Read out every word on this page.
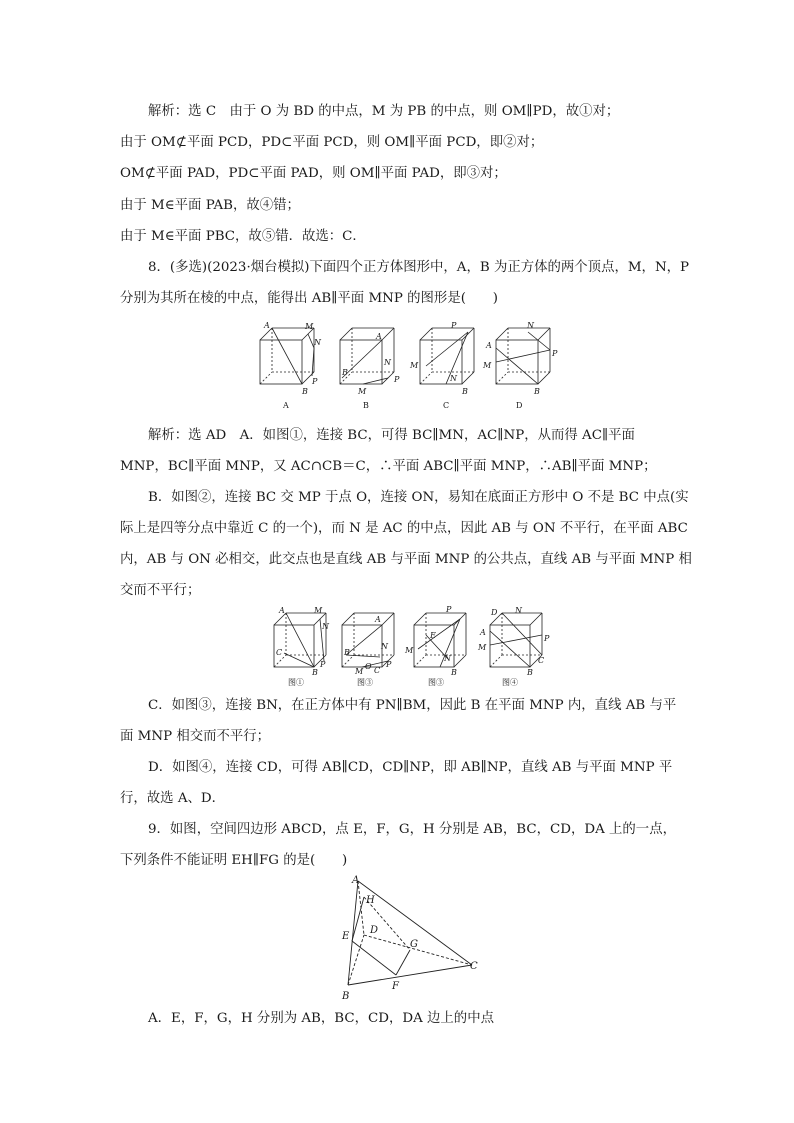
解析：选 C　由于 O 为 BD 的中点，M 为 PB 的中点，则 OM∥PD，故①对；
由于 OM⊄平面 PCD，PD⊂平面 PCD，则 OM∥平面 PCD，即②对；
OM⊄平面 PAD，PD⊂平面 PAD，则 OM∥平面 PAD，即③对；
由于 M∈平面 PAB，故④错；
由于 M∈平面 PBC，故⑤错．故选：C．
8．(多选)(2023·烟台模拟)下面四个正方体图形中，A，B 为正方体的两个顶点，M，N，P
分别为其所在棱的中点，能得出 AB∥平面 MNP 的图形是(　　)
A	M
N
B
P
A
A
N
B
P
M
B
P
M
N
B
C
N
A
M
P
B
D
解析：选 AD　A．如图①，连接 BC，可得 BC∥MN，AC∥NP，从而得 AC∥平面
MNP，BC∥平面 MNP，又 AC∩CB＝C，∴平面 ABC∥平面 MNP，∴AB∥平面 MNP；
B．如图②，连接 BC 交 MP 于点 O，连接 ON，易知在底面正方形中 O 不是 BC 中点(实
际上是四等分点中靠近 C 的一个)，而 N 是 AC 的中点，因此 AB 与 ON 不平行，在平面 ABC
内，AB 与 ON 必相交，此交点也是直线 AB 与平面 MNP 的公共点，直线 AB 与平面 MNP 相
交而不平行；
A	M
N
C
B
P
图①
A
N
B
O C
M
P
图③
P
E
N
M
B
图③
D N
A
M
P
C
B
图④
C．如图③，连接 BN，在正方体中有 PN∥BM，因此 B 在平面 MNP 内，直线 AB 与平
面 MNP 相交而不平行；
D．如图④，连接 CD，可得 AB∥CD，CD∥NP，即 AB∥NP，直线 AB 与平面 MNP 平
行，故选 A、D．
9．如图，空间四边形 ABCD，点 E，F，G，H 分别是 AB，BC，CD，DA 上的一点，
下列条件不能证明 EH∥FG 的是(　　)
A
H
D
E
G
C
F
B
A．E，F，G，H 分别为 AB，BC，CD，DA 边上的中点
